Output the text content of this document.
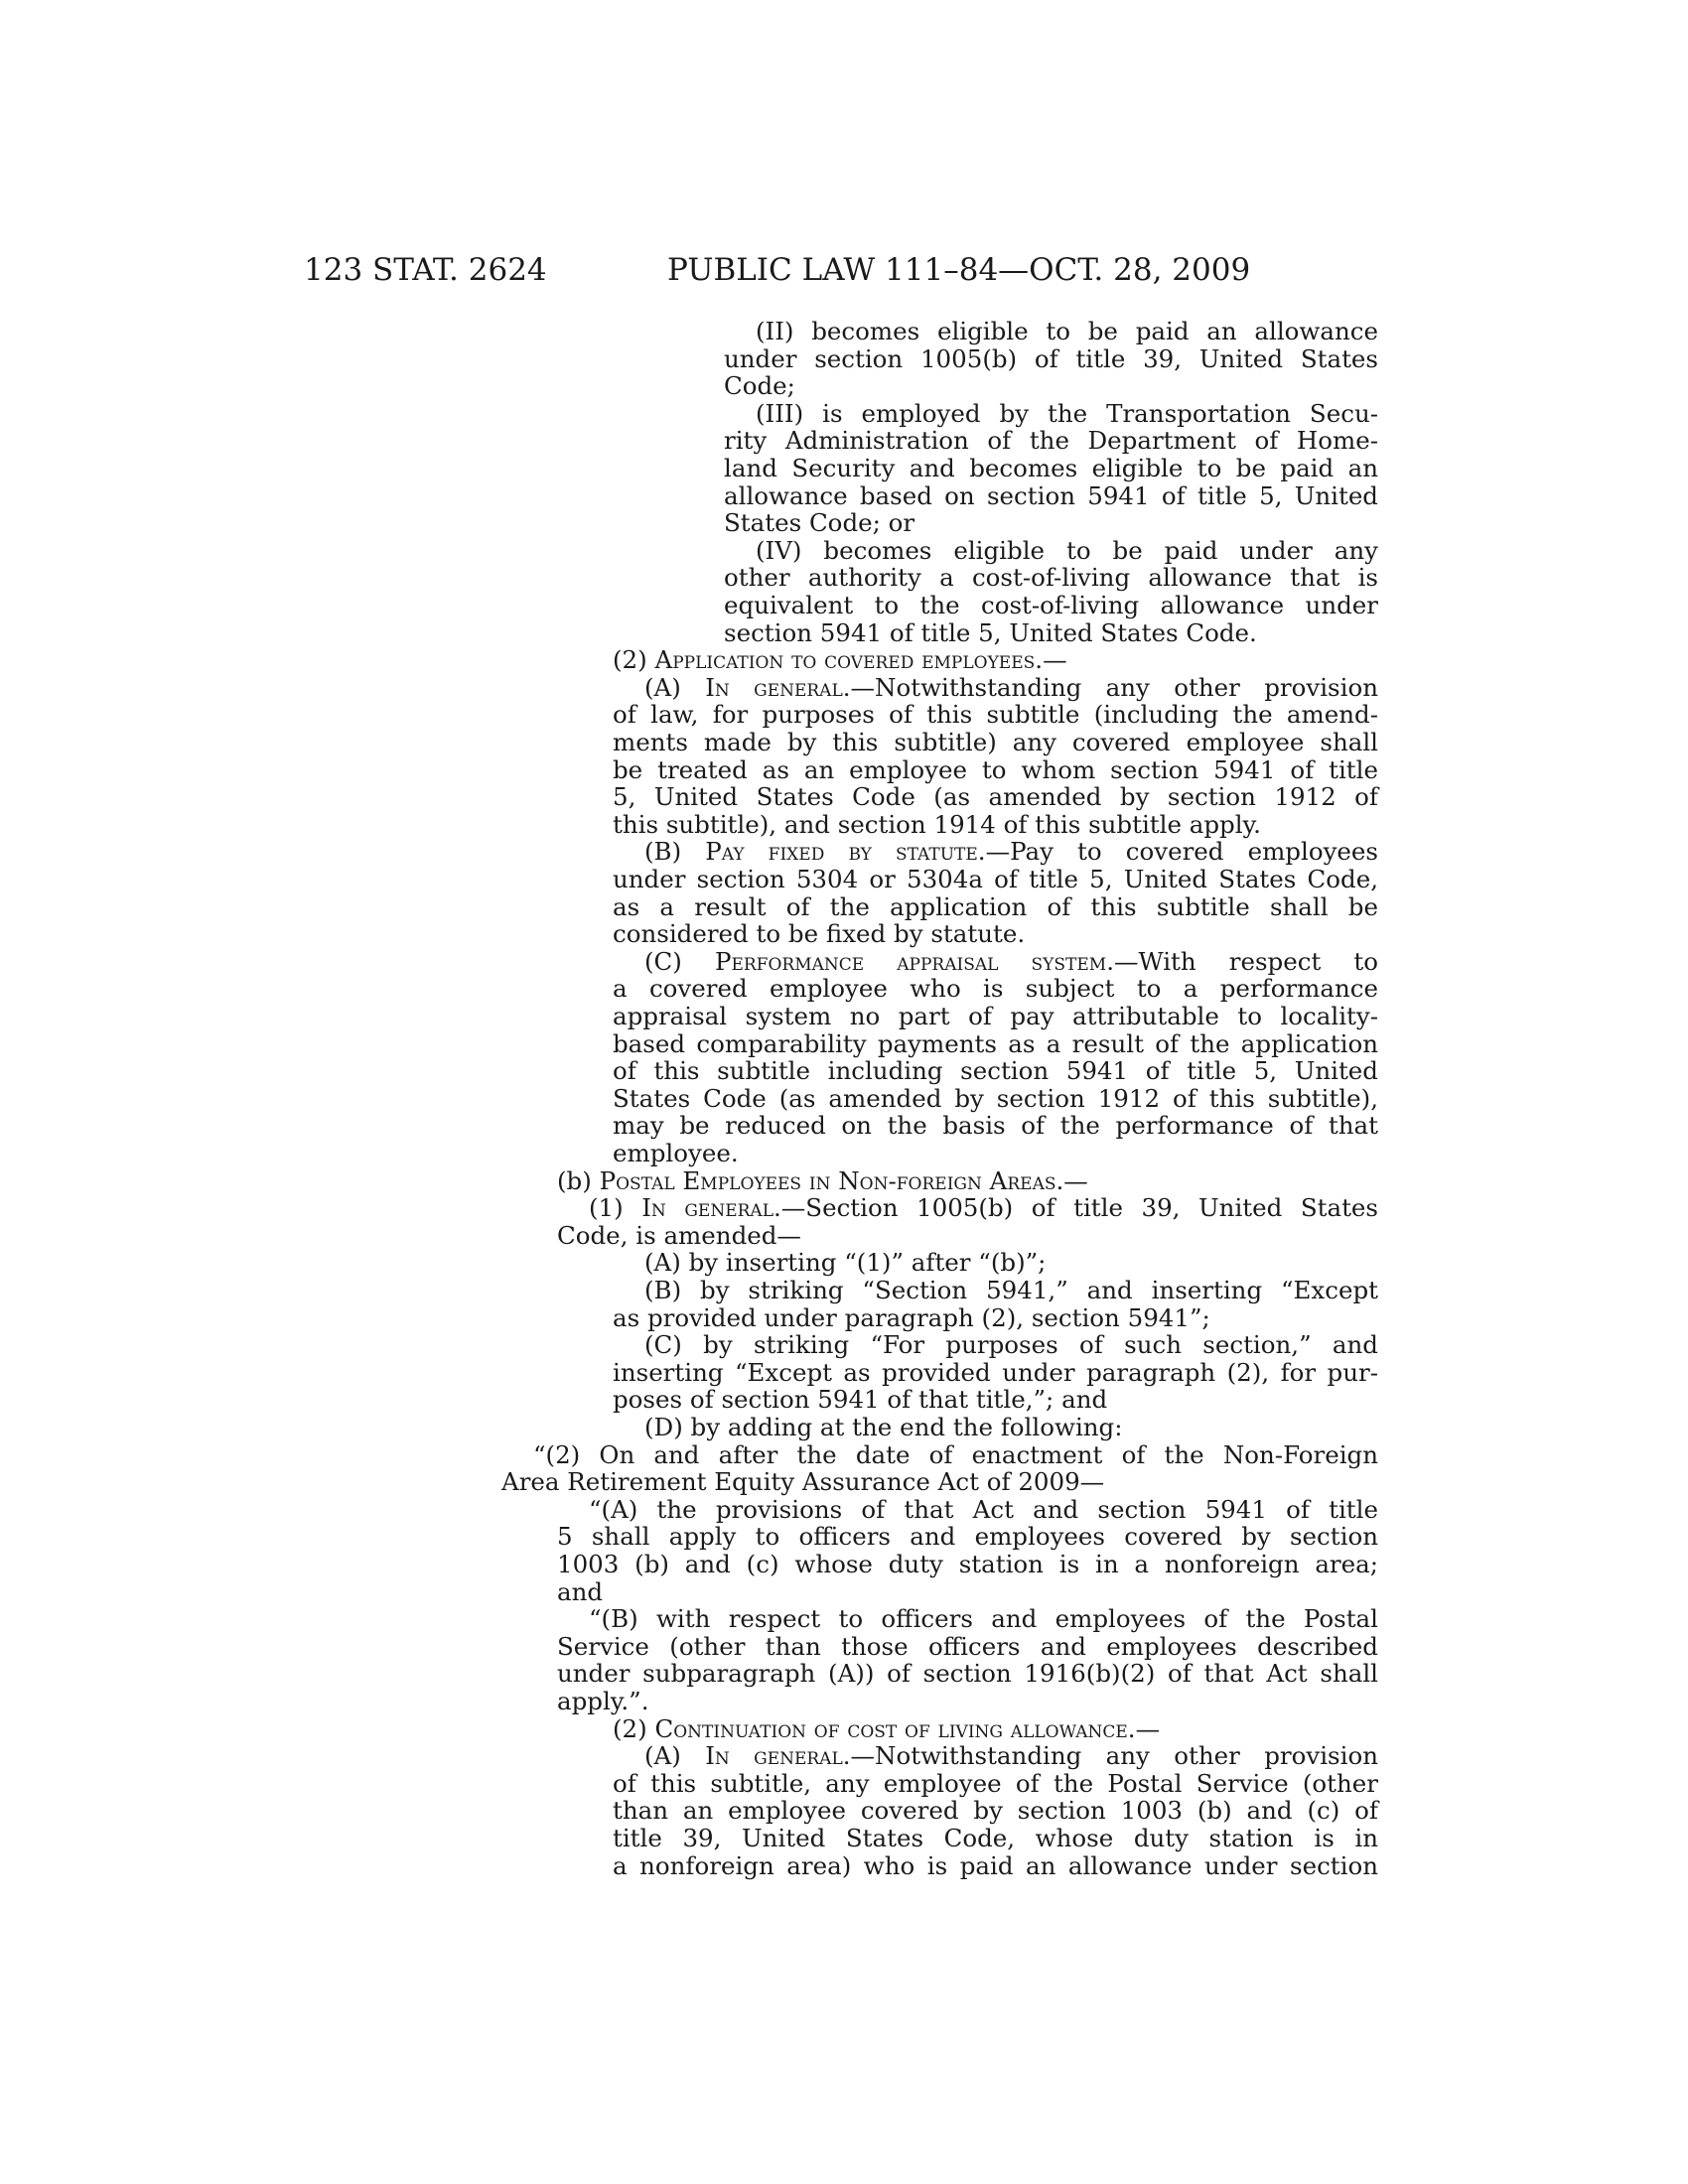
123 STAT. 2624	PUBLIC LAW 111–84—OCT. 28, 2009
(II) becomes eligible to be paid an allowance
under section 1005(b) of title 39, United States
Code;
(III) is employed by the Transportation Secu-
rity Administration of the Department of Home-
land Security and becomes eligible to be paid an
allowance based on section 5941 of title 5, United
States Code; or
(IV) becomes eligible to be paid under any
other authority a cost-of-living allowance that is
equivalent to the cost-of-living allowance under
section 5941 of title 5, United States Code.
(2) Application to covered employees.—
(A) In general.—Notwithstanding any other provision
of law, for purposes of this subtitle (including the amend-
ments made by this subtitle) any covered employee shall
be treated as an employee to whom section 5941 of title
5, United States Code (as amended by section 1912 of
this subtitle), and section 1914 of this subtitle apply.
(B) Pay fixed by statute.—Pay to covered employees
under section 5304 or 5304a of title 5, United States Code,
as a result of the application of this subtitle shall be
considered to be fixed by statute.
(C) Performance appraisal system.—With respect to
a covered employee who is subject to a performance
appraisal system no part of pay attributable to locality-
based comparability payments as a result of the application
of this subtitle including section 5941 of title 5, United
States Code (as amended by section 1912 of this subtitle),
may be reduced on the basis of the performance of that
employee.
(b) Postal Employees in Non-foreign Areas.—
(1) In general.—Section 1005(b) of title 39, United States
Code, is amended—
(A) by inserting “(1)” after “(b)”;
(B) by striking “Section 5941,” and inserting “Except
as provided under paragraph (2), section 5941”;
(C) by striking “For purposes of such section,” and
inserting “Except as provided under paragraph (2), for pur-
poses of section 5941 of that title,”; and
(D) by adding at the end the following:
“(2) On and after the date of enactment of the Non-Foreign
Area Retirement Equity Assurance Act of 2009—
“(A) the provisions of that Act and section 5941 of title
5 shall apply to officers and employees covered by section
1003 (b) and (c) whose duty station is in a nonforeign area;
and
“(B) with respect to officers and employees of the Postal
Service (other than those officers and employees described
under subparagraph (A)) of section 1916(b)(2) of that Act shall
apply.”.
(2) Continuation of cost of living allowance.—
(A) In general.—Notwithstanding any other provision
of this subtitle, any employee of the Postal Service (other
than an employee covered by section 1003 (b) and (c) of
title 39, United States Code, whose duty station is in
a nonforeign area) who is paid an allowance under section
